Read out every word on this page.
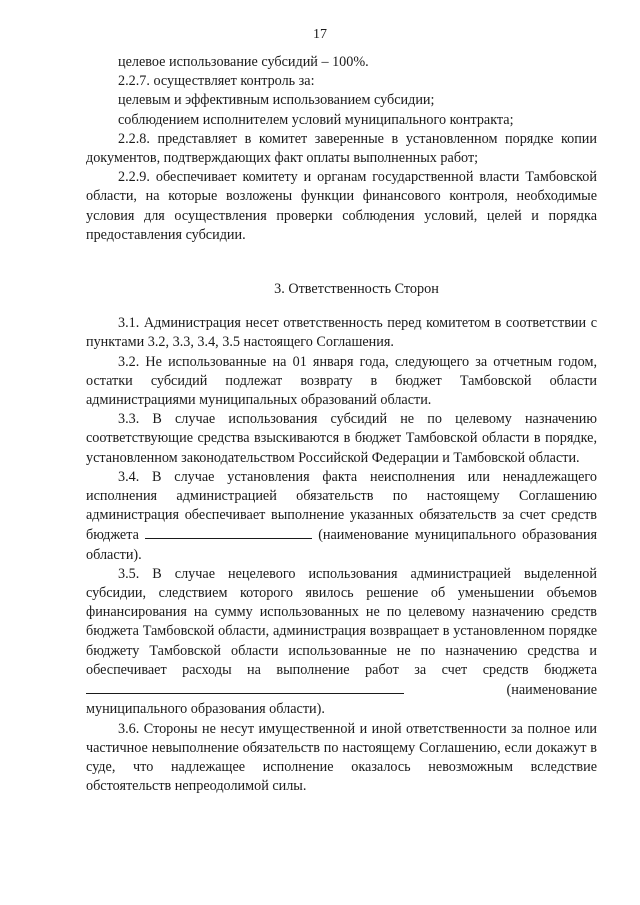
17

целевое использование субсидий – 100%.

2.2.7. осуществляет контроль за:

целевым и эффективным использованием субсидии;

соблюдением исполнителем условий муниципального контракта;

2.2.8. представляет в комитет заверенные в установленном порядке копии документов, подтверждающих факт оплаты выполненных работ;

2.2.9. обеспечивает комитету и органам государственной власти Тамбовской области, на которые возложены функции финансового контроля, необходимые условия для осуществления проверки соблюдения условий, целей и порядка предоставления субсидии.

3. Ответственность Сторон

3.1. Администрация несет ответственность перед комитетом в соответствии с пунктами 3.2, 3.3, 3.4, 3.5 настоящего Соглашения.

3.2. Не использованные на 01 января года, следующего за отчетным годом, остатки субсидий подлежат возврату в бюджет Тамбовской области администрациями муниципальных образований области.

3.3. В случае использования субсидий не по целевому назначению соответствующие средства взыскиваются в бюджет Тамбовской области в порядке, установленном законодательством Российской Федерации и Тамбовской области.

3.4. В случае установления факта неисполнения или ненадлежащего исполнения администрацией обязательств по настоящему Соглашению администрация обеспечивает выполнение указанных обязательств за счет средств бюджета	(наименование муниципального образования области).

3.5. В случае нецелевого использования администрацией выделенной субсидии, следствием которого явилось решение об уменьшении объемов финансирования на сумму использованных не по целевому назначению средств бюджета Тамбовской области, администрация возвращает в установленном порядке бюджету Тамбовской области использованные не по назначению средства и обеспечивает расходы на выполнение работ за счет средств бюджета (наименование муниципального образования области).

3.6. Стороны не несут имущественной и иной ответственности за полное или частичное невыполнение обязательств по настоящему Соглашению, если докажут в суде, что надлежащее исполнение оказалось невозможным вследствие обстоятельств непреодолимой силы.
